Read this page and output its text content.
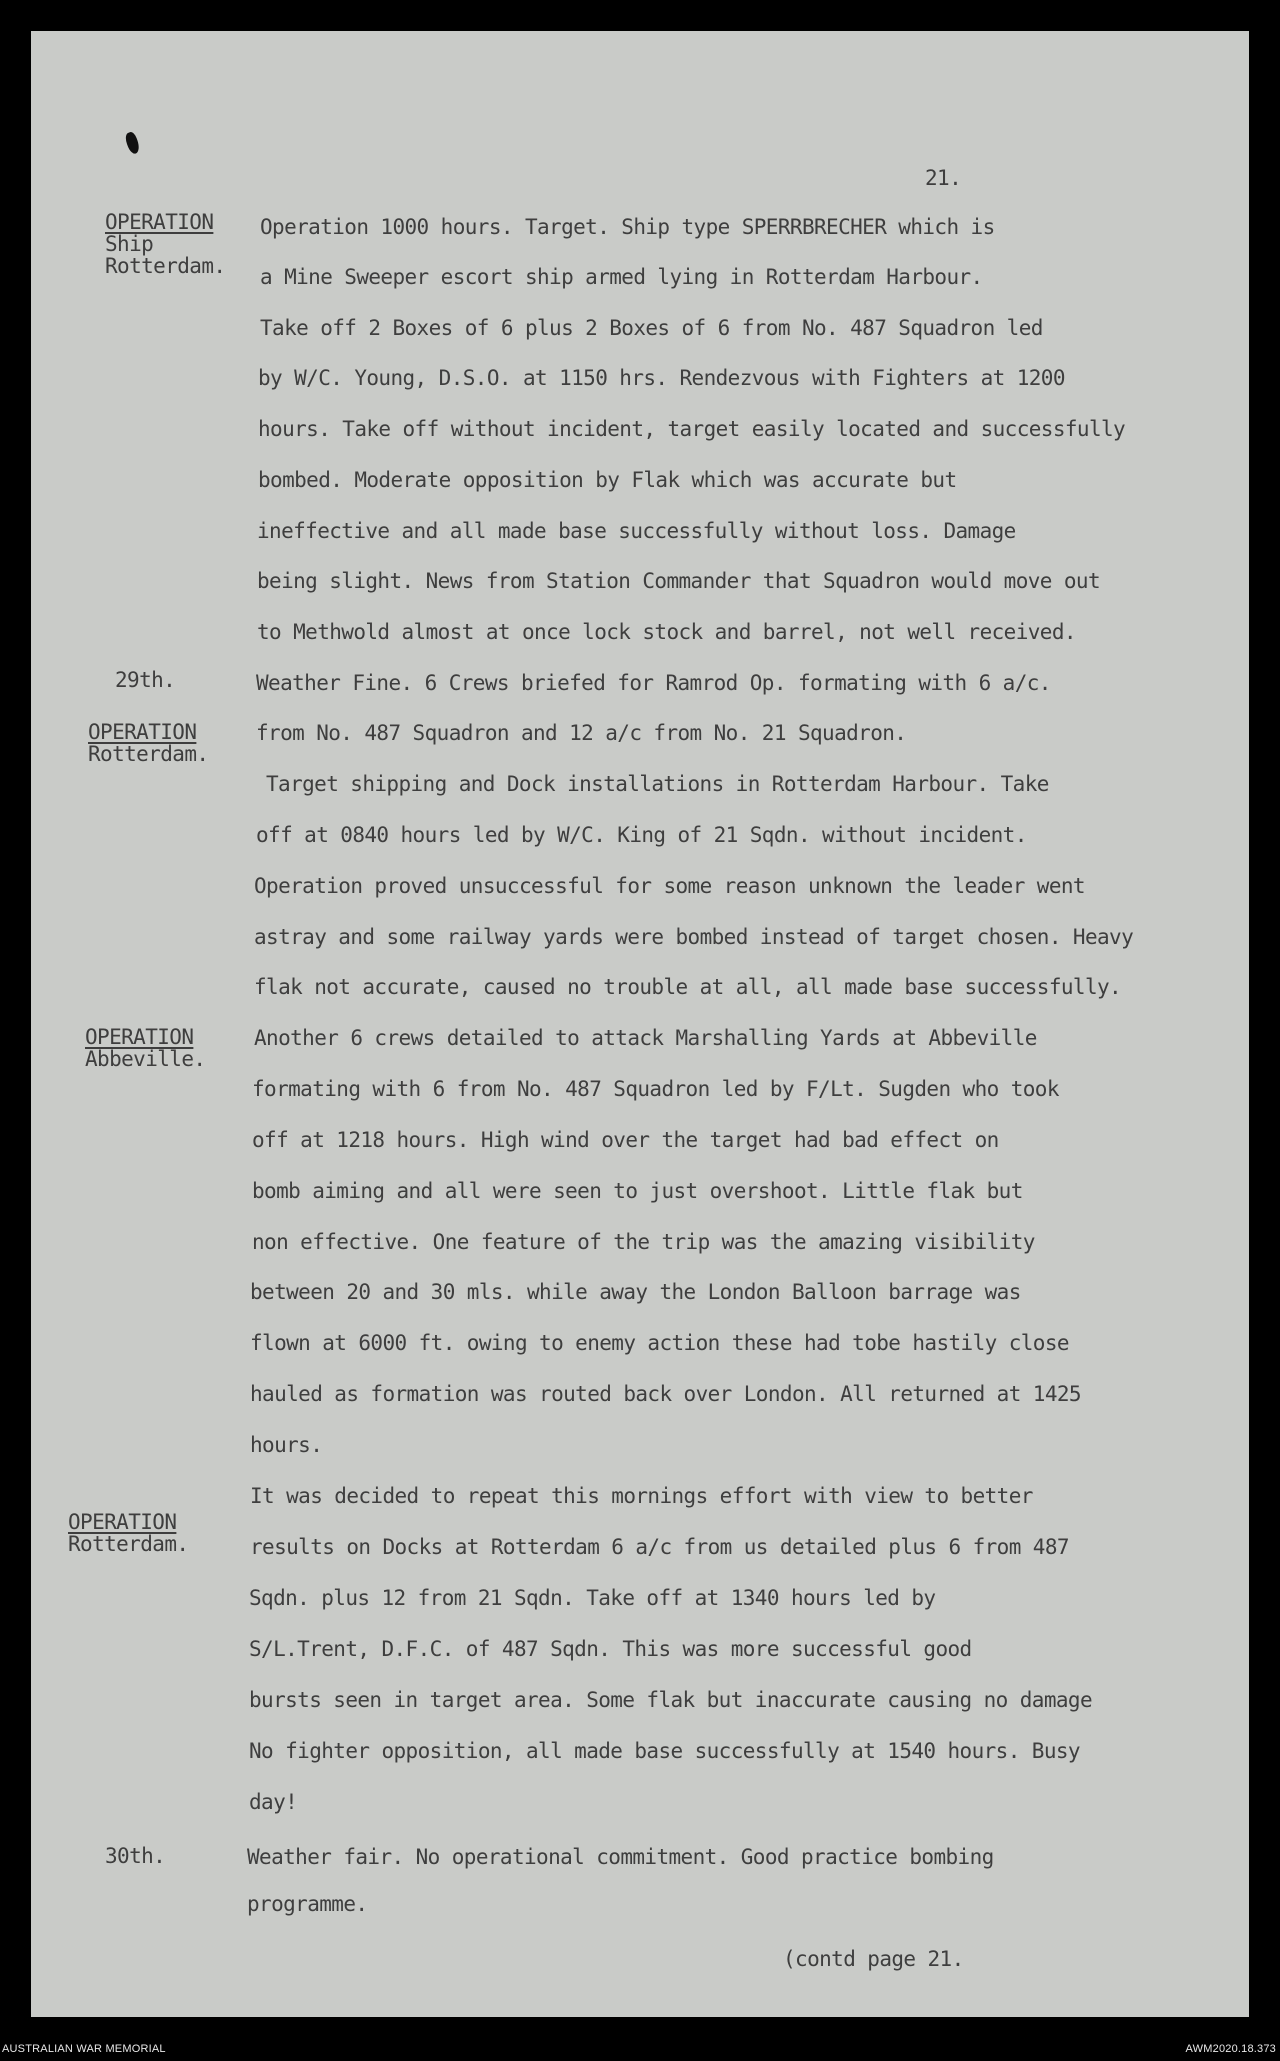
21.
OPERATION
Ship
Rotterdam.
29th.
OPERATION
Rotterdam.
OPERATION
Abbeville.
OPERATION
Rotterdam.
30th.
Operation 1000 hours. Target. Ship type SPERRBRECHER which is
a Mine Sweeper escort ship armed lying in Rotterdam Harbour.
Take off 2 Boxes of 6 plus 2 Boxes of 6 from No. 487 Squadron led
by W/C. Young, D.S.O. at 1150 hrs. Rendezvous with Fighters at 1200
hours. Take off without incident, target easily located and successfully
bombed. Moderate opposition by Flak which was accurate but
ineffective and all made base successfully without loss. Damage
being slight. News from Station Commander that Squadron would move out
to Methwold almost at once lock stock and barrel, not well received.
Weather Fine. 6 Crews briefed for Ramrod Op. formating with 6 a/c.
from No. 487 Squadron and 12 a/c from No. 21 Squadron.
Target shipping and Dock installations in Rotterdam Harbour. Take
off at 0840 hours led by W/C. King of 21 Sqdn. without incident.
Operation proved unsuccessful for some reason unknown the leader went
astray and some railway yards were bombed instead of target chosen. Heavy
flak not accurate, caused no trouble at all, all made base successfully.
Another 6 crews detailed to attack Marshalling Yards at Abbeville
formating with 6 from No. 487 Squadron led by F/Lt. Sugden who took
off at 1218 hours. High wind over the target had bad effect on
bomb aiming and all were seen to just overshoot. Little flak but
non effective. One feature of the trip was the amazing visibility
between 20 and 30 mls. while away the London Balloon barrage was
flown at 6000 ft. owing to enemy action these had tobe hastily close
hauled as formation was routed back over London. All returned at 1425
hours.
It was decided to repeat this mornings effort with view to better
results on Docks at Rotterdam 6 a/c from us detailed plus 6 from 487
Sqdn. plus 12 from 21 Sqdn. Take off at 1340 hours led by
S/L.Trent, D.F.C. of 487 Sqdn. This was more successful good
bursts seen in target area. Some flak but inaccurate causing no damage
No fighter opposition, all made base successfully at 1540 hours. Busy
day!
Weather fair. No operational commitment. Good practice bombing
programme.
(contd page 21.
AUSTRALIAN WAR MEMORIAL	AWM2020.18.373
